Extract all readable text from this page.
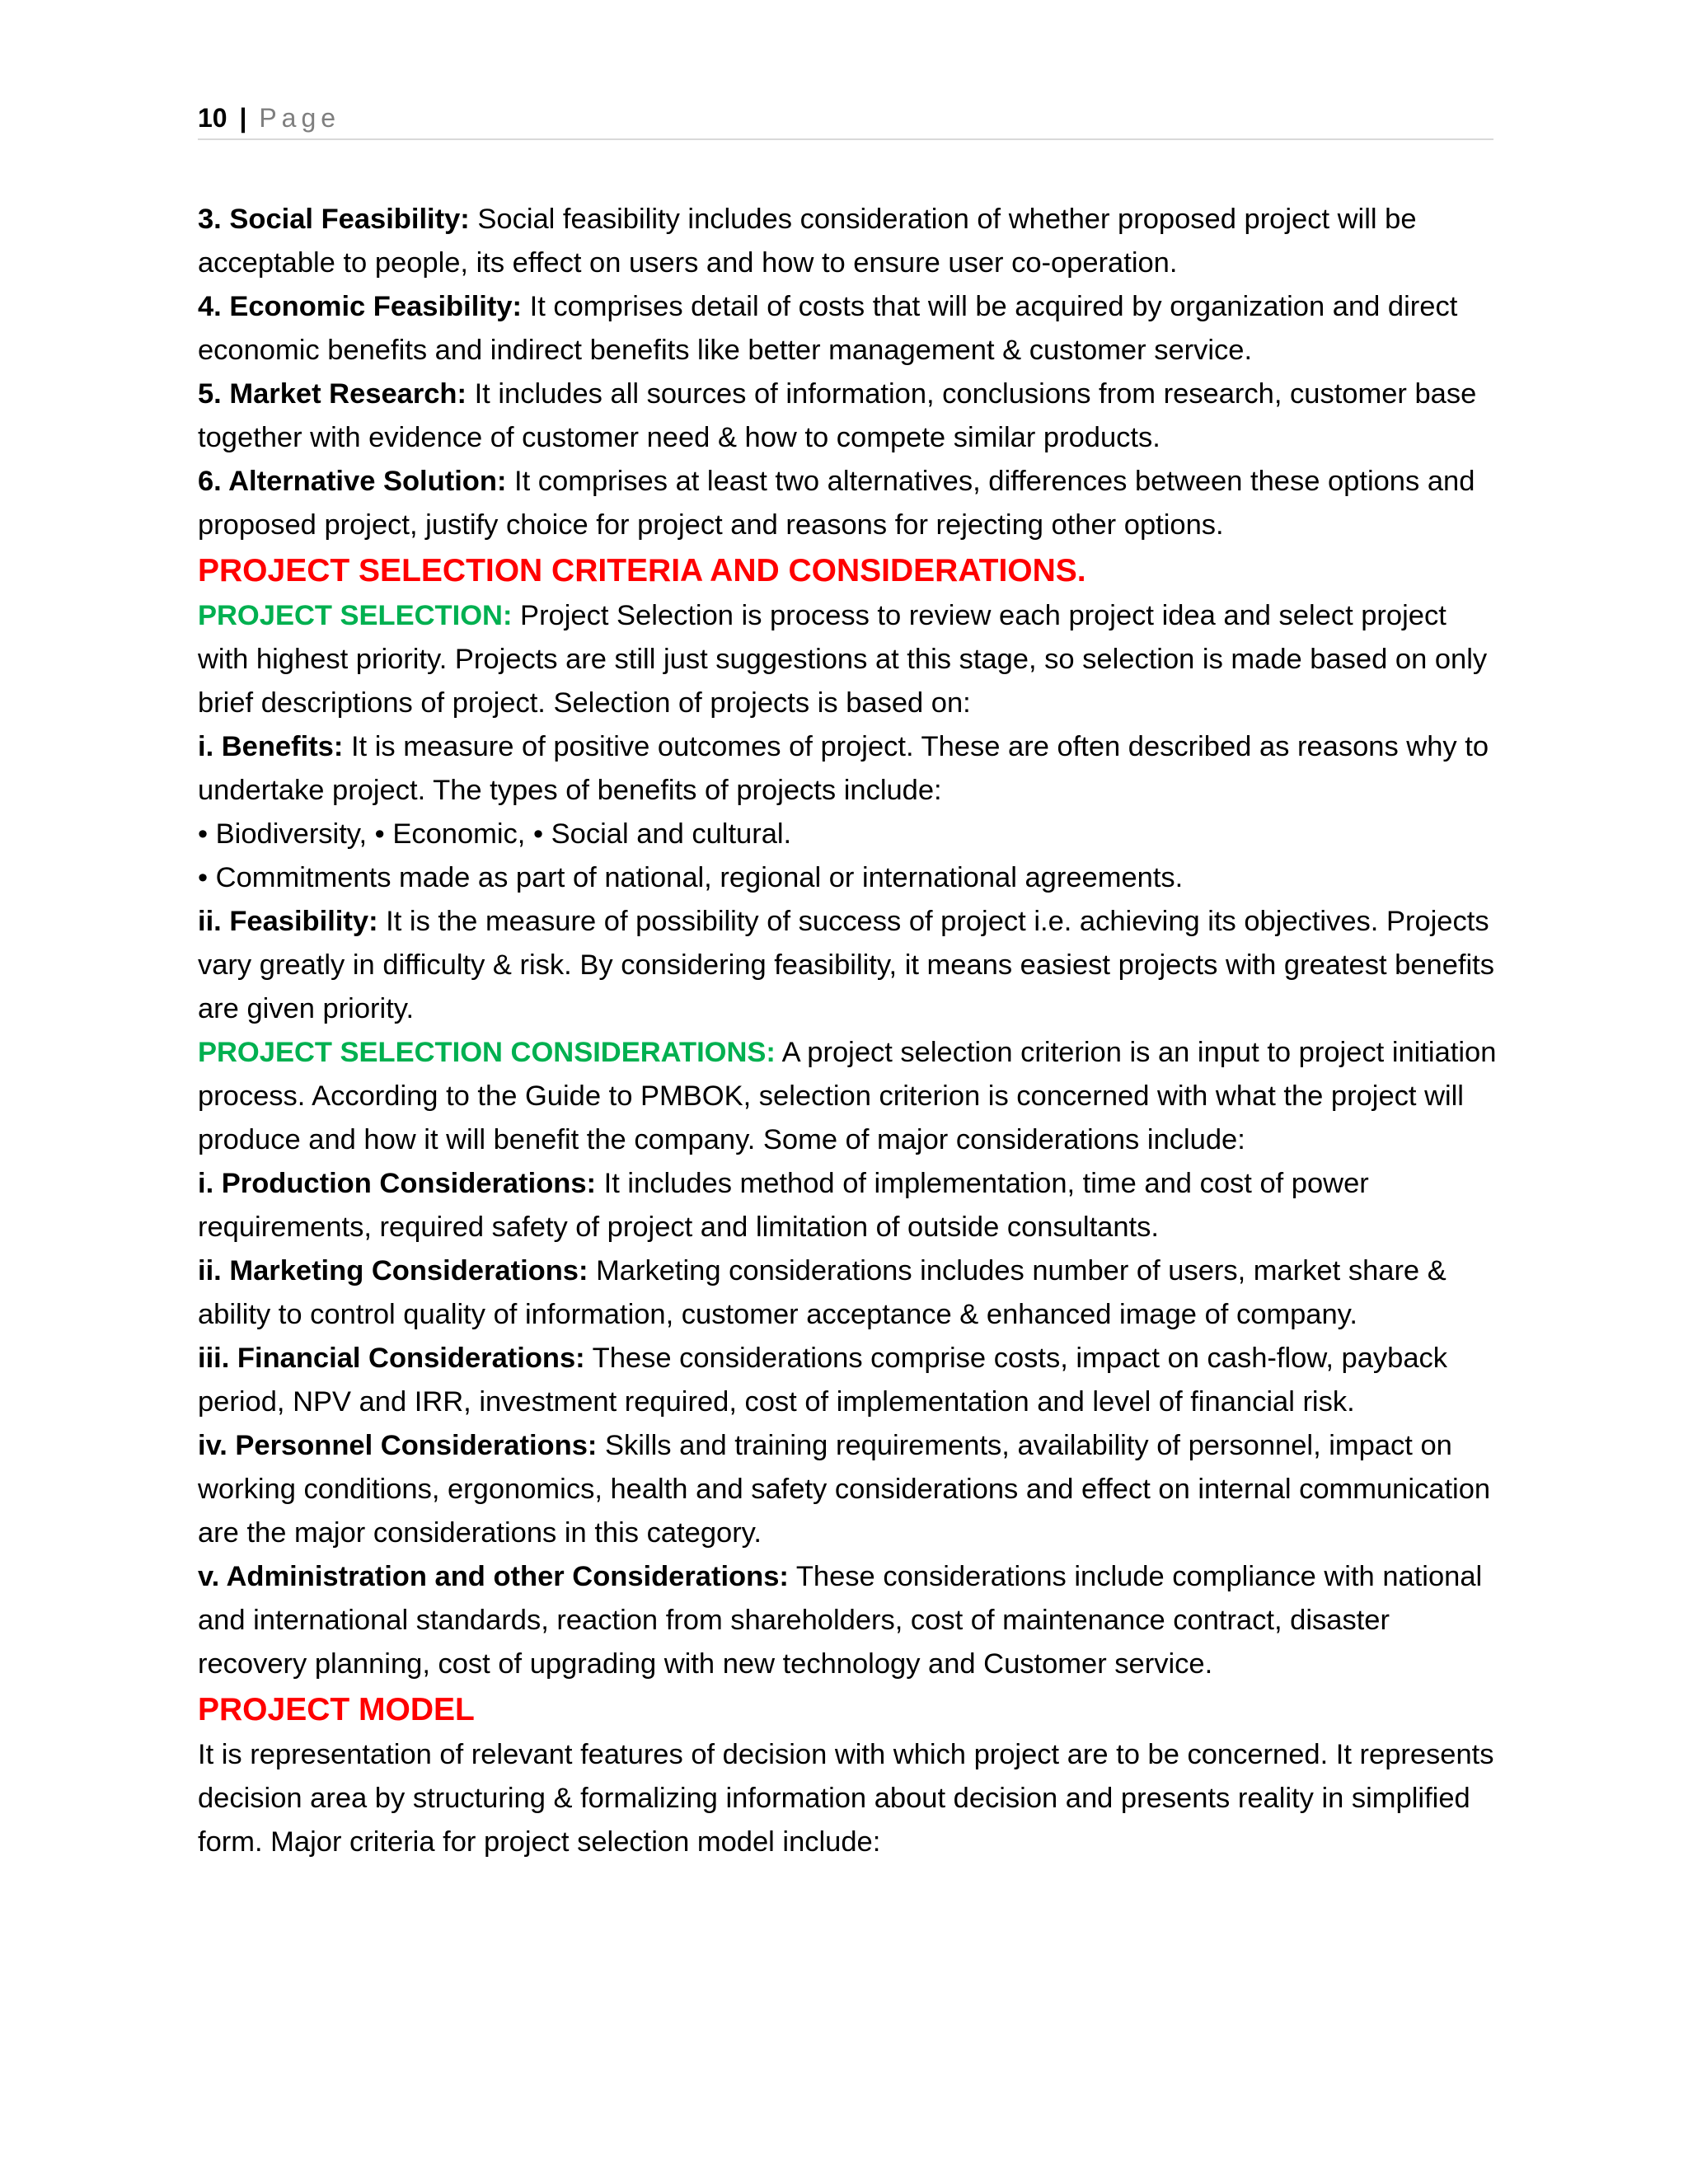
10 | Page

3. Social Feasibility: Social feasibility includes consideration of whether proposed project will be acceptable to people, its effect on users and how to ensure user co-operation.

4. Economic Feasibility: It comprises detail of costs that will be acquired by organization and direct economic benefits and indirect benefits like better management & customer service.

5. Market Research: It includes all sources of information, conclusions from research, customer base together with evidence of customer need & how to compete similar products.

6. Alternative Solution: It comprises at least two alternatives, differences between these options and proposed project, justify choice for project and reasons for rejecting other options.

PROJECT SELECTION CRITERIA AND CONSIDERATIONS.

PROJECT SELECTION: Project Selection is process to review each project idea and select project with highest priority. Projects are still just suggestions at this stage, so selection is made based on only brief descriptions of project. Selection of projects is based on:

i. Benefits: It is measure of positive outcomes of project. These are often described as reasons why to undertake project. The types of benefits of projects include:

• Biodiversity, • Economic, • Social and cultural.

• Commitments made as part of national, regional or international agreements.

ii. Feasibility: It is the measure of possibility of success of project i.e. achieving its objectives. Projects vary greatly in difficulty & risk. By considering feasibility, it means easiest projects with greatest benefits are given priority.

PROJECT SELECTION CONSIDERATIONS: A project selection criterion is an input to project initiation process. According to the Guide to PMBOK, selection criterion is concerned with what the project will produce and how it will benefit the company. Some of major considerations include:

i. Production Considerations: It includes method of implementation, time and cost of power requirements, required safety of project and limitation of outside consultants.

ii. Marketing Considerations: Marketing considerations includes number of users, market share & ability to control quality of information, customer acceptance & enhanced image of company.

iii. Financial Considerations: These considerations comprise costs, impact on cash-flow, payback period, NPV and IRR, investment required, cost of implementation and level of financial risk.

iv. Personnel Considerations: Skills and training requirements, availability of personnel, impact on working conditions, ergonomics, health and safety considerations and effect on internal communication are the major considerations in this category.

v. Administration and other Considerations: These considerations include compliance with national and international standards, reaction from shareholders, cost of maintenance contract, disaster recovery planning, cost of upgrading with new technology and Customer service.

PROJECT MODEL

It is representation of relevant features of decision with which project are to be concerned. It represents decision area by structuring & formalizing information about decision and presents reality in simplified form. Major criteria for project selection model include:
